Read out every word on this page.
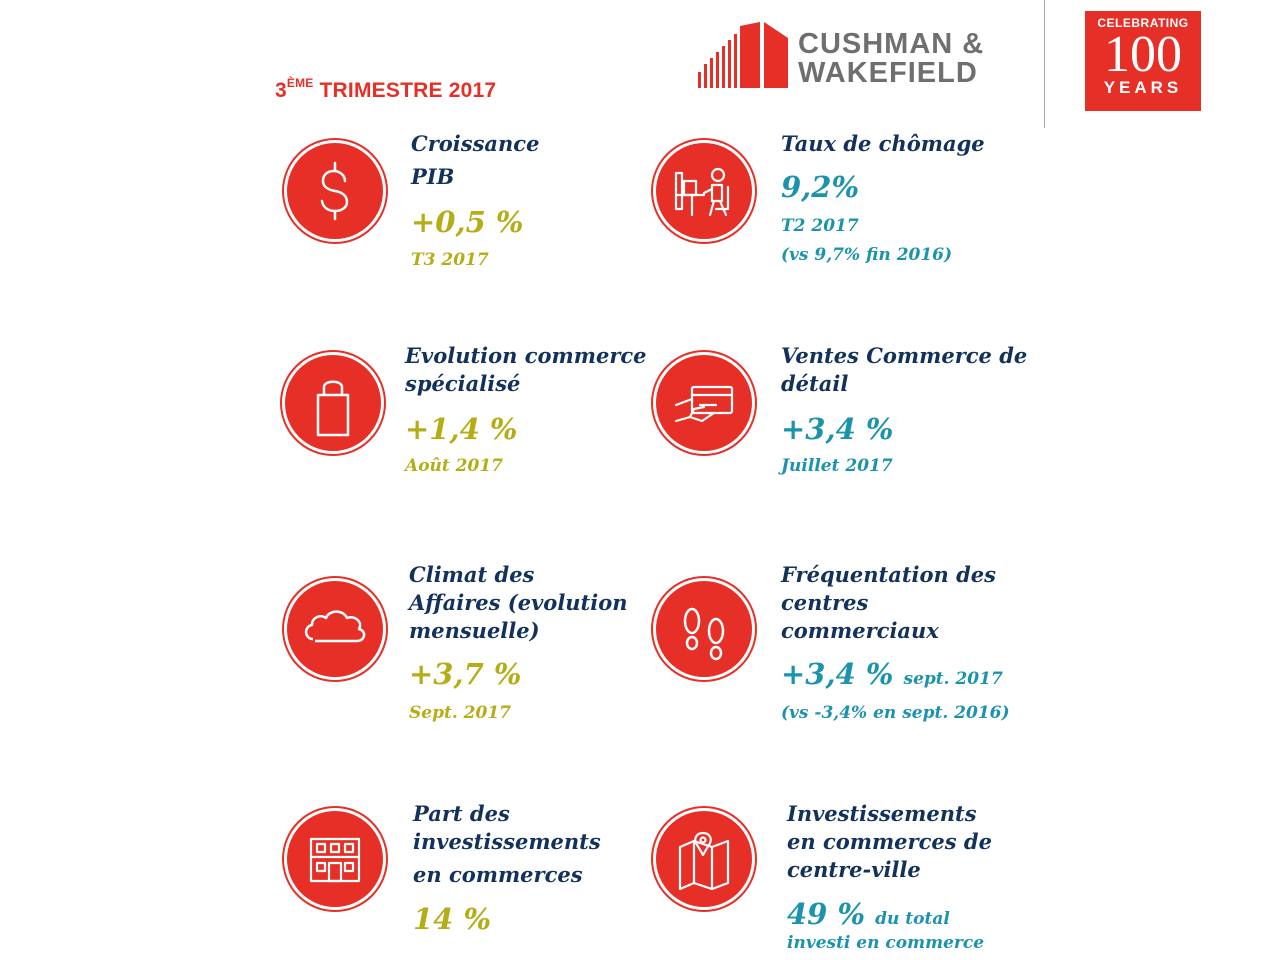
3ÈME TRIMESTRE 2017
CUSHMAN &
WAKEFIELD
CELEBRATING
100
YEARS
Croissance
PIB
+0,5 %
T3 2017
Taux de chômage
9,2%
T2 2017
(vs 9,7% fin 2016)
Evolution commerce
spécialisé
+1,4 %
Août 2017
Ventes Commerce de
détail
+3,4 %
Juillet 2017
Climat des
Affaires (evolution
mensuelle)
+3,7 %
Sept. 2017
Fréquentation des
centres
commerciaux
+3,4 % sept. 2017
(vs -3,4% en sept. 2016)
Part des
investissements
en commerces
14 %
Investissements
en commerces de
centre-ville
49 % du total
investi en commerce
